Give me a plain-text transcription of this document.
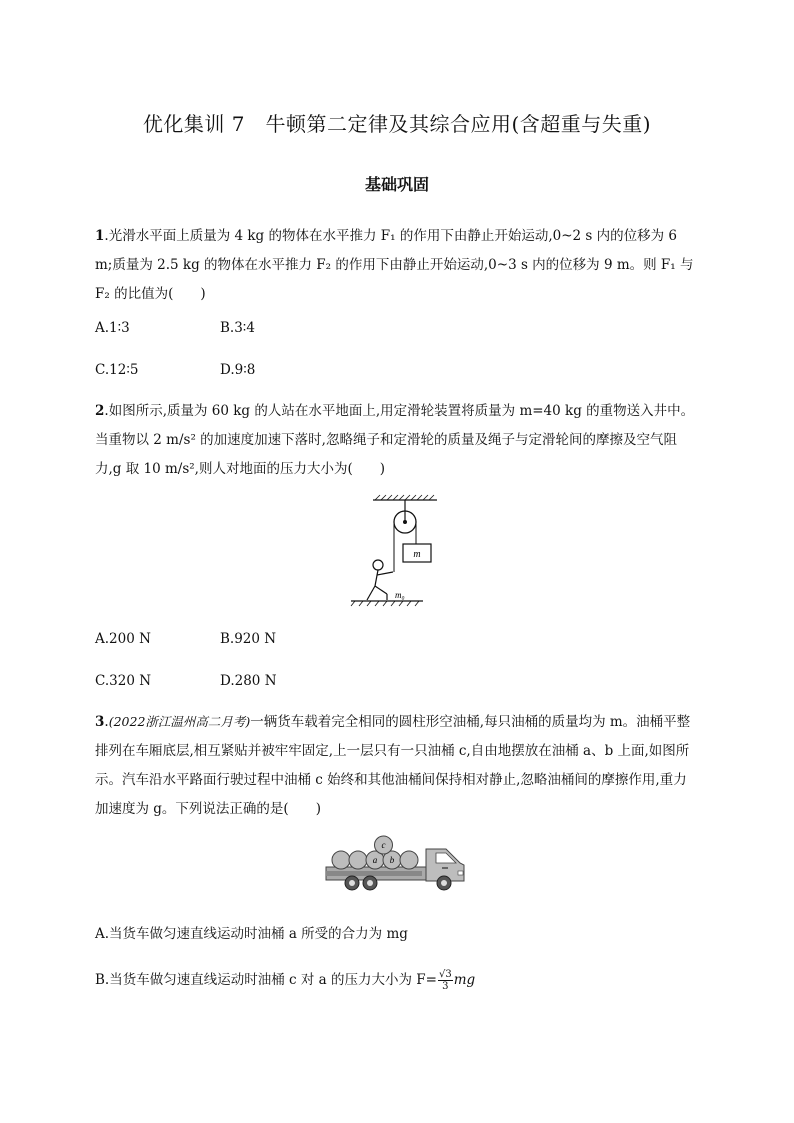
优化集训 7　牛顿第二定律及其综合应用(含超重与失重)
基础巩固
1.光滑水平面上质量为 4 kg 的物体在水平推力 F₁ 的作用下由静止开始运动,0~2 s 内的位移为 6 m;质量为 2.5 kg 的物体在水平推力 F₂ 的作用下由静止开始运动,0~3 s 内的位移为 9 m。则 F₁ 与 F₂ 的比值为(　　)
A.1∶3	B.3∶4
C.12∶5	D.9∶8
2.如图所示,质量为 60 kg 的人站在水平地面上,用定滑轮装置将质量为 m=40 kg 的重物送入井中。当重物以 2 m/s² 的加速度加速下落时,忽略绳子和定滑轮的质量及绳子与定滑轮间的摩擦及空气阻力,g 取 10 m/s²,则人对地面的压力大小为(　　)
m
m₀
A.200 N	B.920 N
C.320 N	D.280 N
3.(2022浙江温州高二月考)一辆货车载着完全相同的圆柱形空油桶,每只油桶的质量均为 m。油桶平整排列在车厢底层,相互紧贴并被牢牢固定,上一层只有一只油桶 c,自由地摆放在油桶 a、b 上面,如图所示。汽车沿水平路面行驶过程中油桶 c 始终和其他油桶间保持相对静止,忽略油桶间的摩擦作用,重力加速度为 g。下列说法正确的是(　　)
a b
c
A.当货车做匀速直线运动时油桶 a 所受的合力为 mg
B.当货车做匀速直线运动时油桶 c 对 a 的压力大小为 $F= \frac{√3}{3}$ mg
